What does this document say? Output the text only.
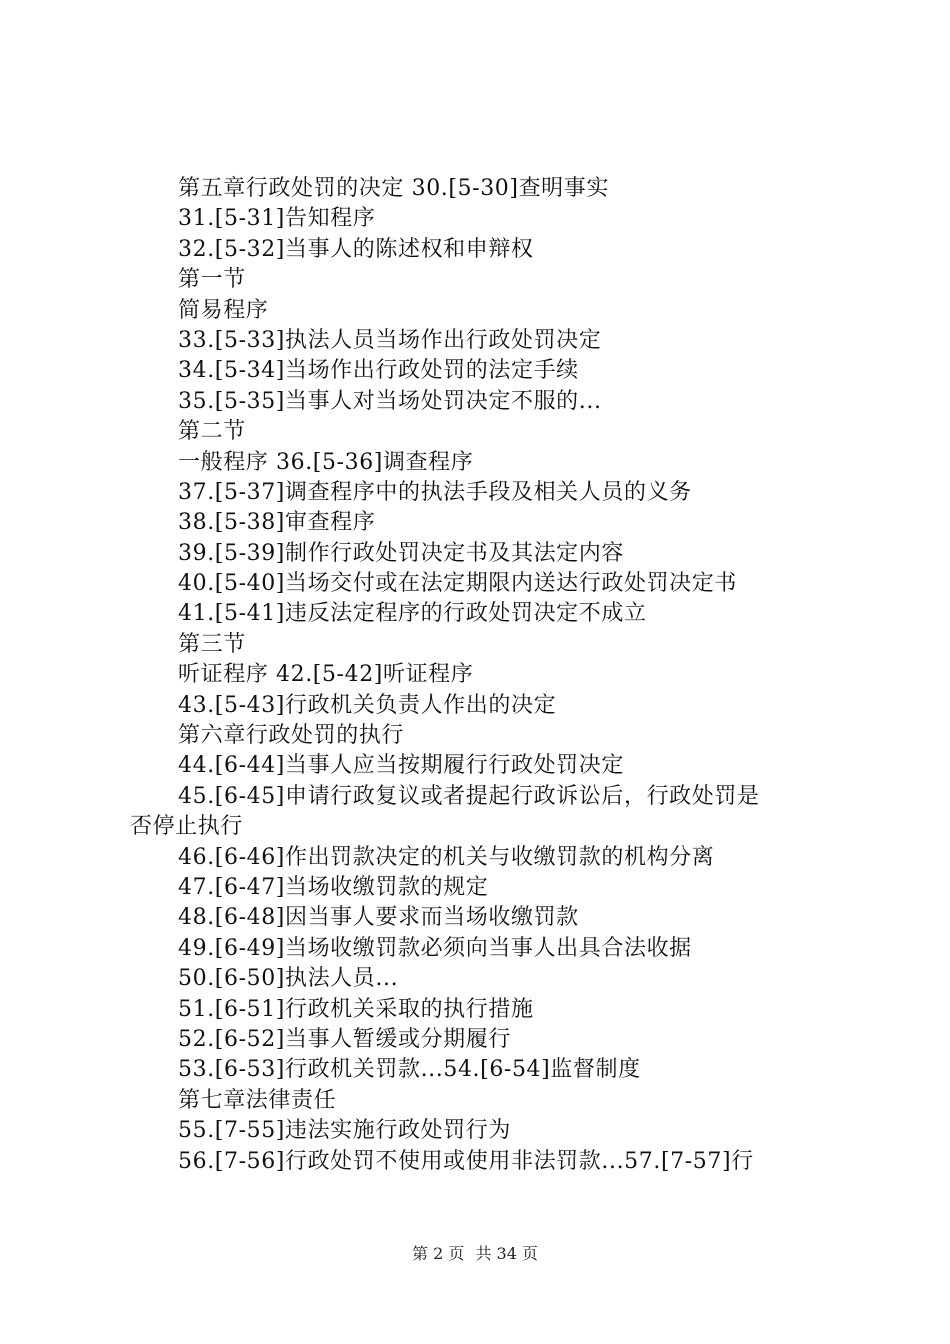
第五章行政处罚的决定 30.[5-30]查明事实
31.[5-31]告知程序
32.[5-32]当事人的陈述权和申辩权
第一节
简易程序
33.[5-33]执法人员当场作出行政处罚决定
34.[5-34]当场作出行政处罚的法定手续
35.[5-35]当事人对当场处罚决定不服的...
第二节
一般程序 36.[5-36]调查程序
37.[5-37]调查程序中的执法手段及相关人员的义务
38.[5-38]审查程序
39.[5-39]制作行政处罚决定书及其法定内容
40.[5-40]当场交付或在法定期限内送达行政处罚决定书
41.[5-41]违反法定程序的行政处罚决定不成立
第三节
听证程序 42.[5-42]听证程序
43.[5-43]行政机关负责人作出的决定
第六章行政处罚的执行
44.[6-44]当事人应当按期履行行政处罚决定
45.[6-45]申请行政复议或者提起行政诉讼后，行政处罚是
否停止执行
46.[6-46]作出罚款决定的机关与收缴罚款的机构分离
47.[6-47]当场收缴罚款的规定
48.[6-48]因当事人要求而当场收缴罚款
49.[6-49]当场收缴罚款必须向当事人出具合法收据
50.[6-50]执法人员...
51.[6-51]行政机关采取的执行措施
52.[6-52]当事人暂缓或分期履行
53.[6-53]行政机关罚款...54.[6-54]监督制度
第七章法律责任
55.[7-55]违法实施行政处罚行为
56.[7-56]行政处罚不使用或使用非法罚款...57.[7-57]行
第 2 页 共 34 页
